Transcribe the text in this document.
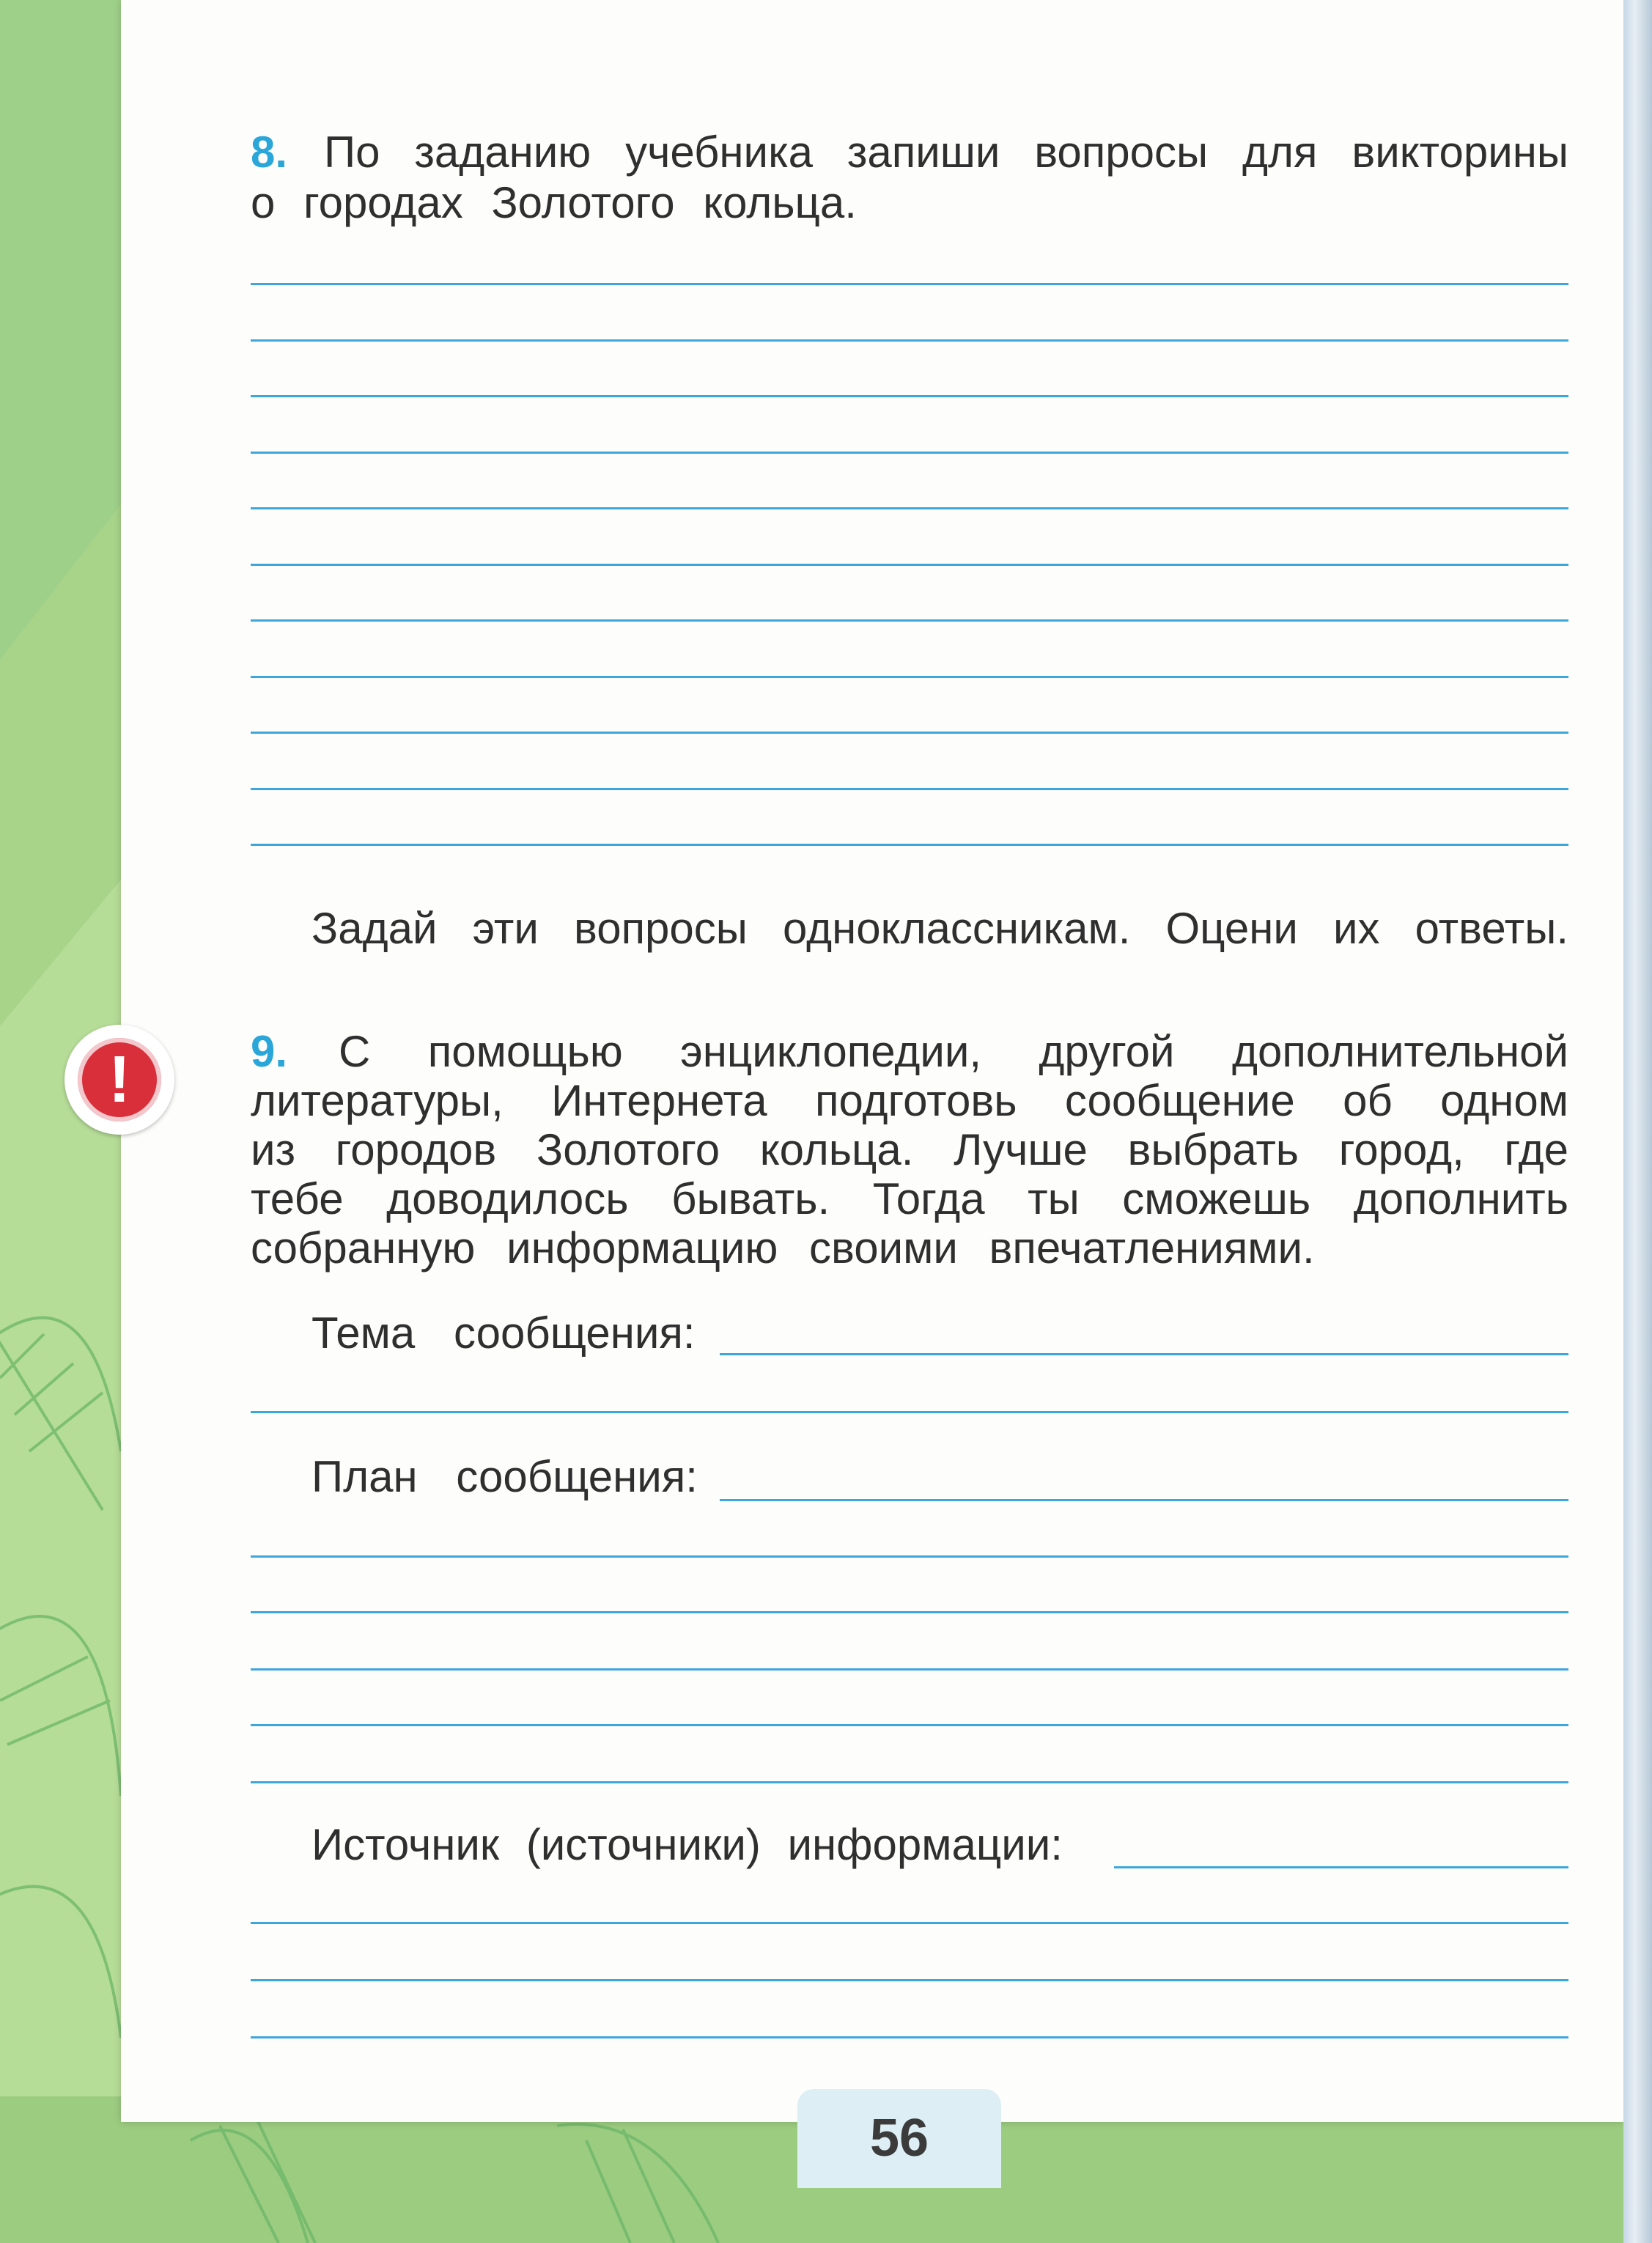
8. По заданию учебника запиши вопросы для викторины
о городах Золотого кольца.
Задай эти вопросы одноклассникам. Оцени их ответы.
!	9. С помощью энциклопедии, другой дополнительной
литературы, Интернета подготовь сообщение об одном
из городов Золотого кольца. Лучше выбрать город, где
тебе доводилось бывать. Тогда ты сможешь дополнить
собранную информацию своими впечатлениями.
Тема сообщения:
План сообщения:
Источник (источники) информации:
56
